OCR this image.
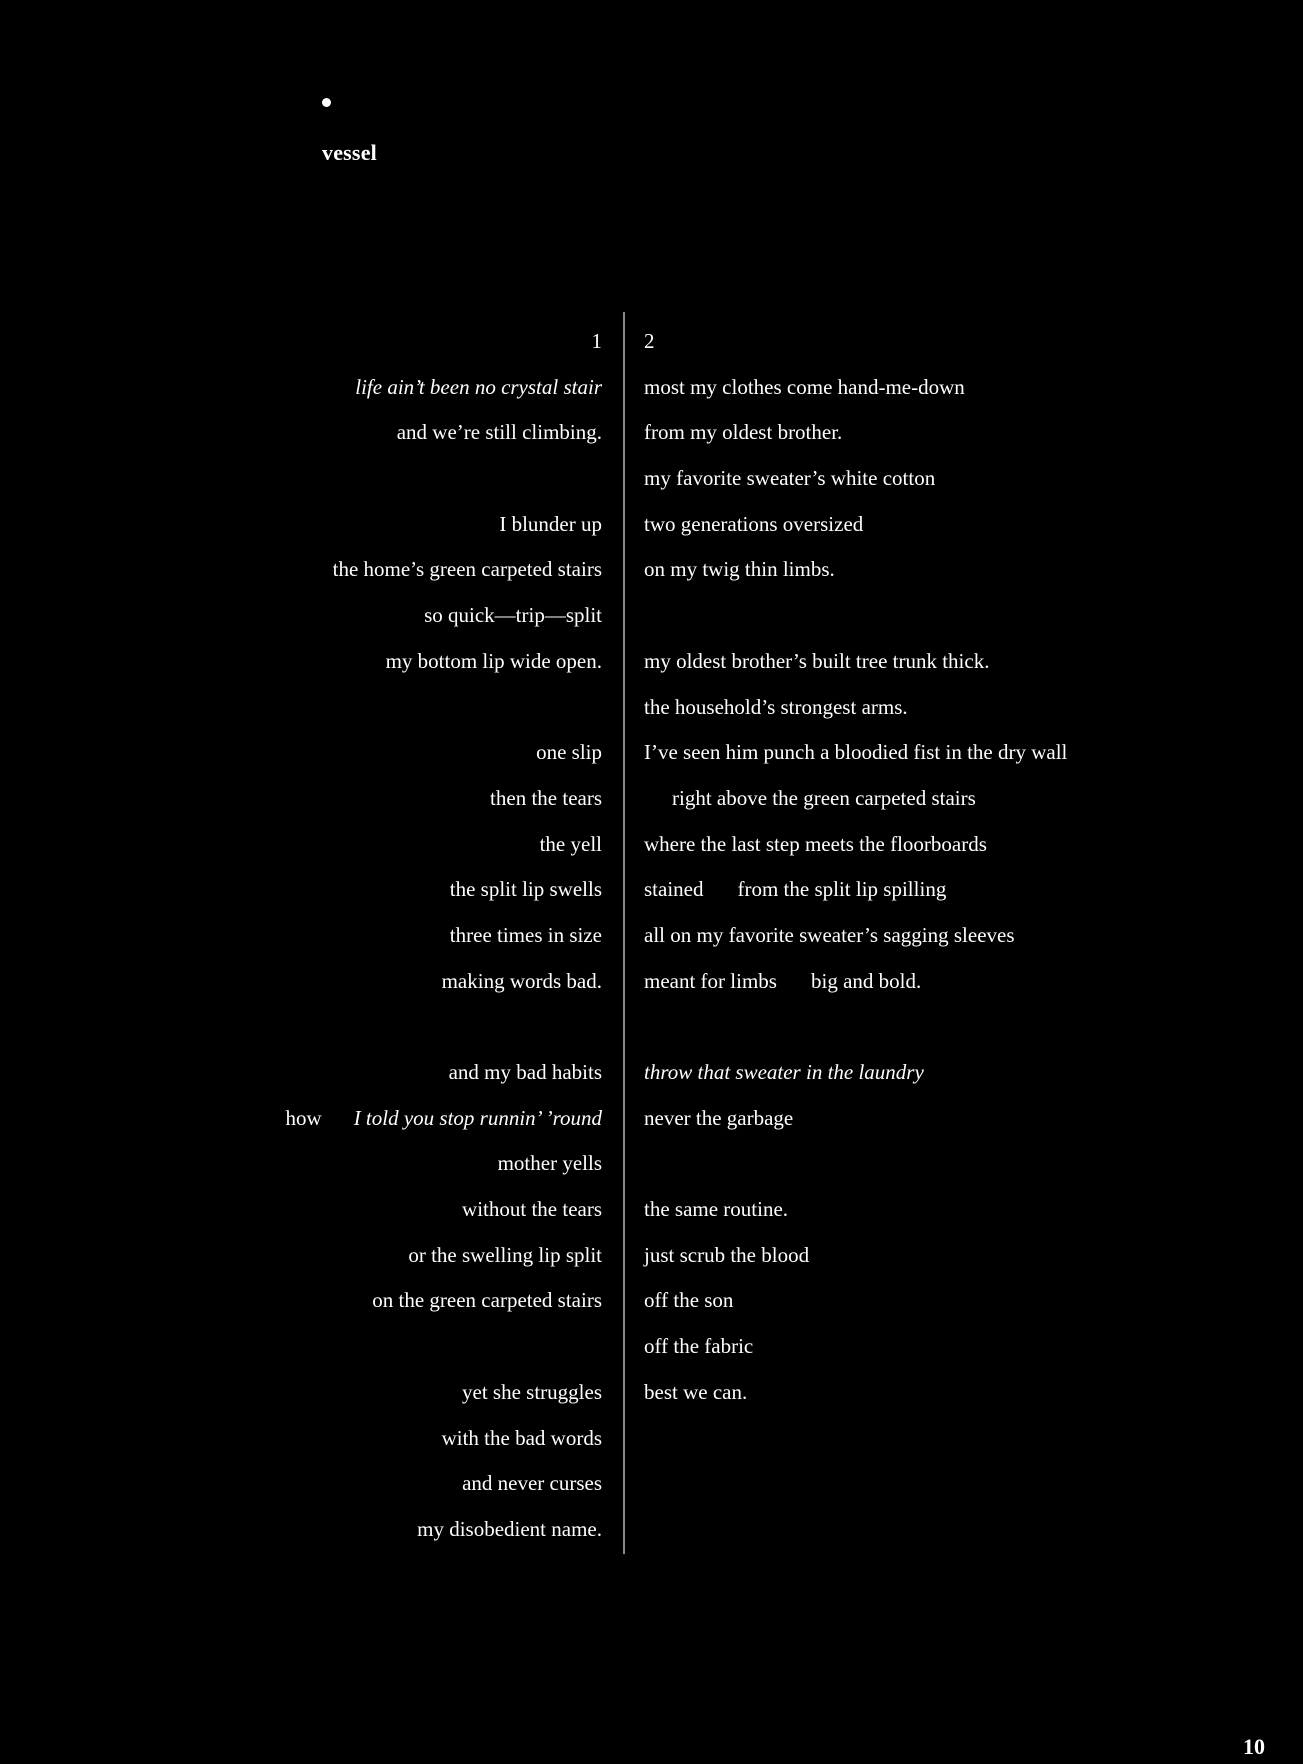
vessel
1
life ain’t been no crystal stair
and we’re still climbing.
I blunder up
the home’s green carpeted stairs
so quick—trip—split
my bottom lip wide open.
one slip
then the tears
the yell
the split lip swells
three times in size
making words bad.
and my bad habits
how I told you stop runnin’ ’round
mother yells
without the tears
or the swelling lip split
on the green carpeted stairs
yet she struggles
with the bad words
and never curses
my disobedient name.
2
most my clothes come hand-me-down
from my oldest brother.
my favorite sweater’s white cotton
two generations oversized
on my twig thin limbs.
my oldest brother’s built tree trunk thick.
the household’s strongest arms.
I’ve seen him punch a bloodied fist in the dry wall
right above the green carpeted stairs
where the last step meets the floorboards
stained from the split lip spilling
all on my favorite sweater’s sagging sleeves
meant for limbs big and bold.
throw that sweater in the laundry
never the garbage
the same routine.
just scrub the blood
off the son
off the fabric
best we can.
10
